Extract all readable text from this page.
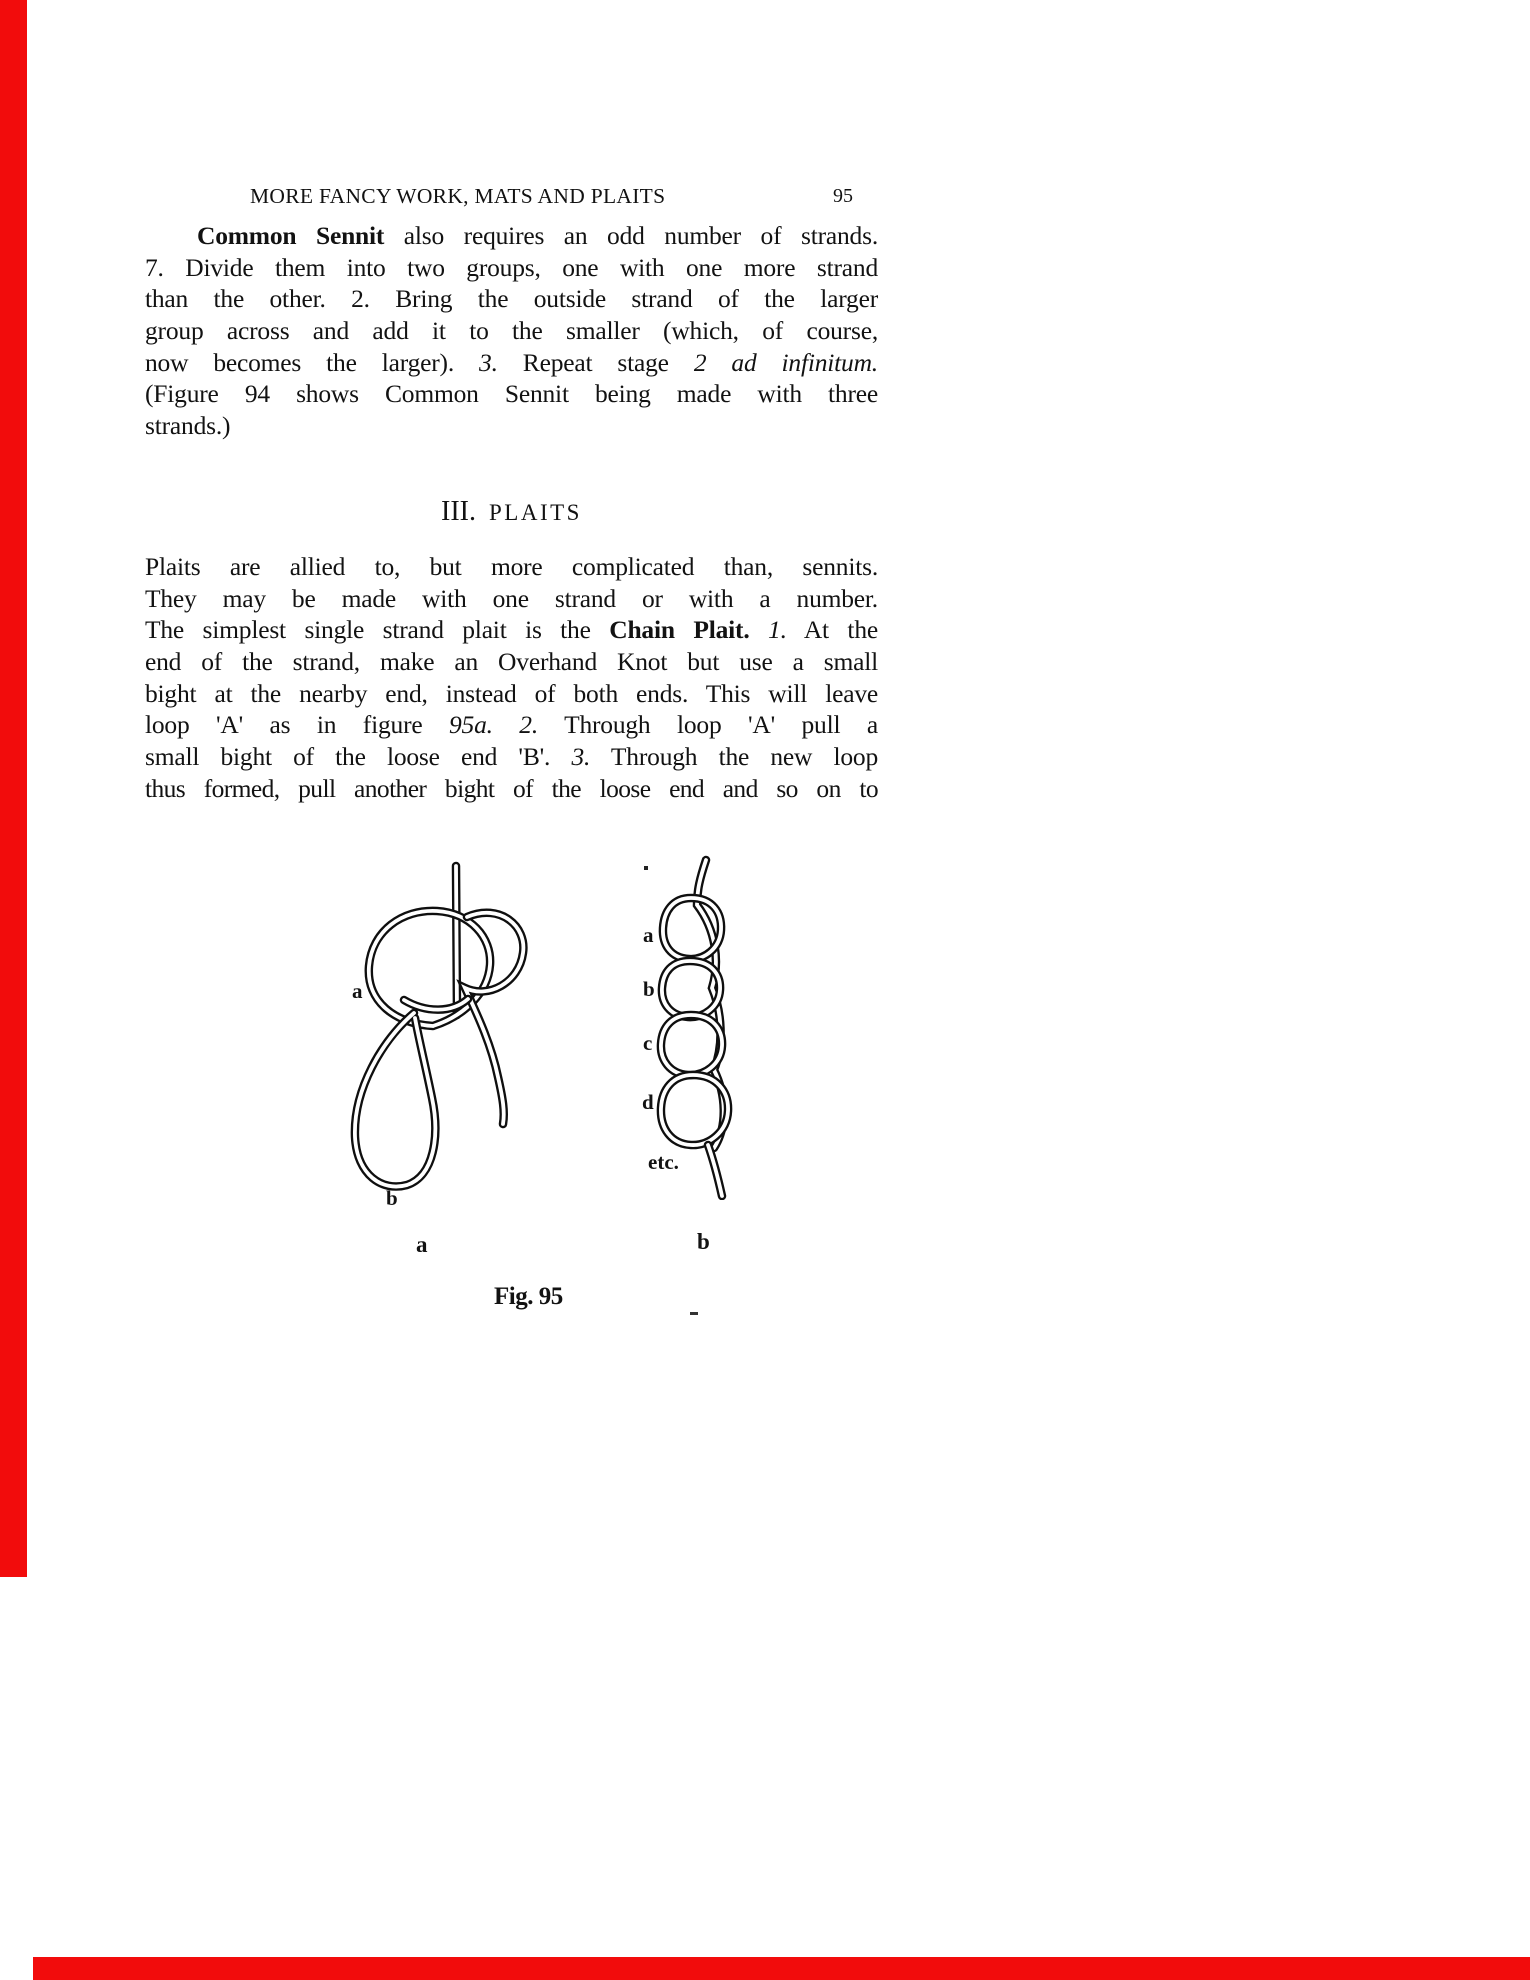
MORE FANCY WORK, MATS AND PLAITS	95
Common Sennit also requires an odd number of strands.
7. Divide them into two groups, one with one more strand
than the other. 2. Bring the outside strand of the larger
group across and add it to the smaller (which, of course,
now becomes the larger). 3. Repeat stage 2 ad infinitum.
(Figure 94 shows Common Sennit being made with three
strands.)
III. PLAITS
Plaits are allied to, but more complicated than, sennits.
They may be made with one strand or with a number.
The simplest single strand plait is the Chain Plait. 1. At the
end of the strand, make an Overhand Knot but use a small
bight at the nearby end, instead of both ends. This will leave
loop 'A' as in figure 95a. 2. Through loop 'A' pull a
small bight of the loose end 'B'. 3. Through the new loop
thus formed, pull another bight of the loose end and so on to
a
b
a
b
c
d
etc.
a	b
Fig. 95
